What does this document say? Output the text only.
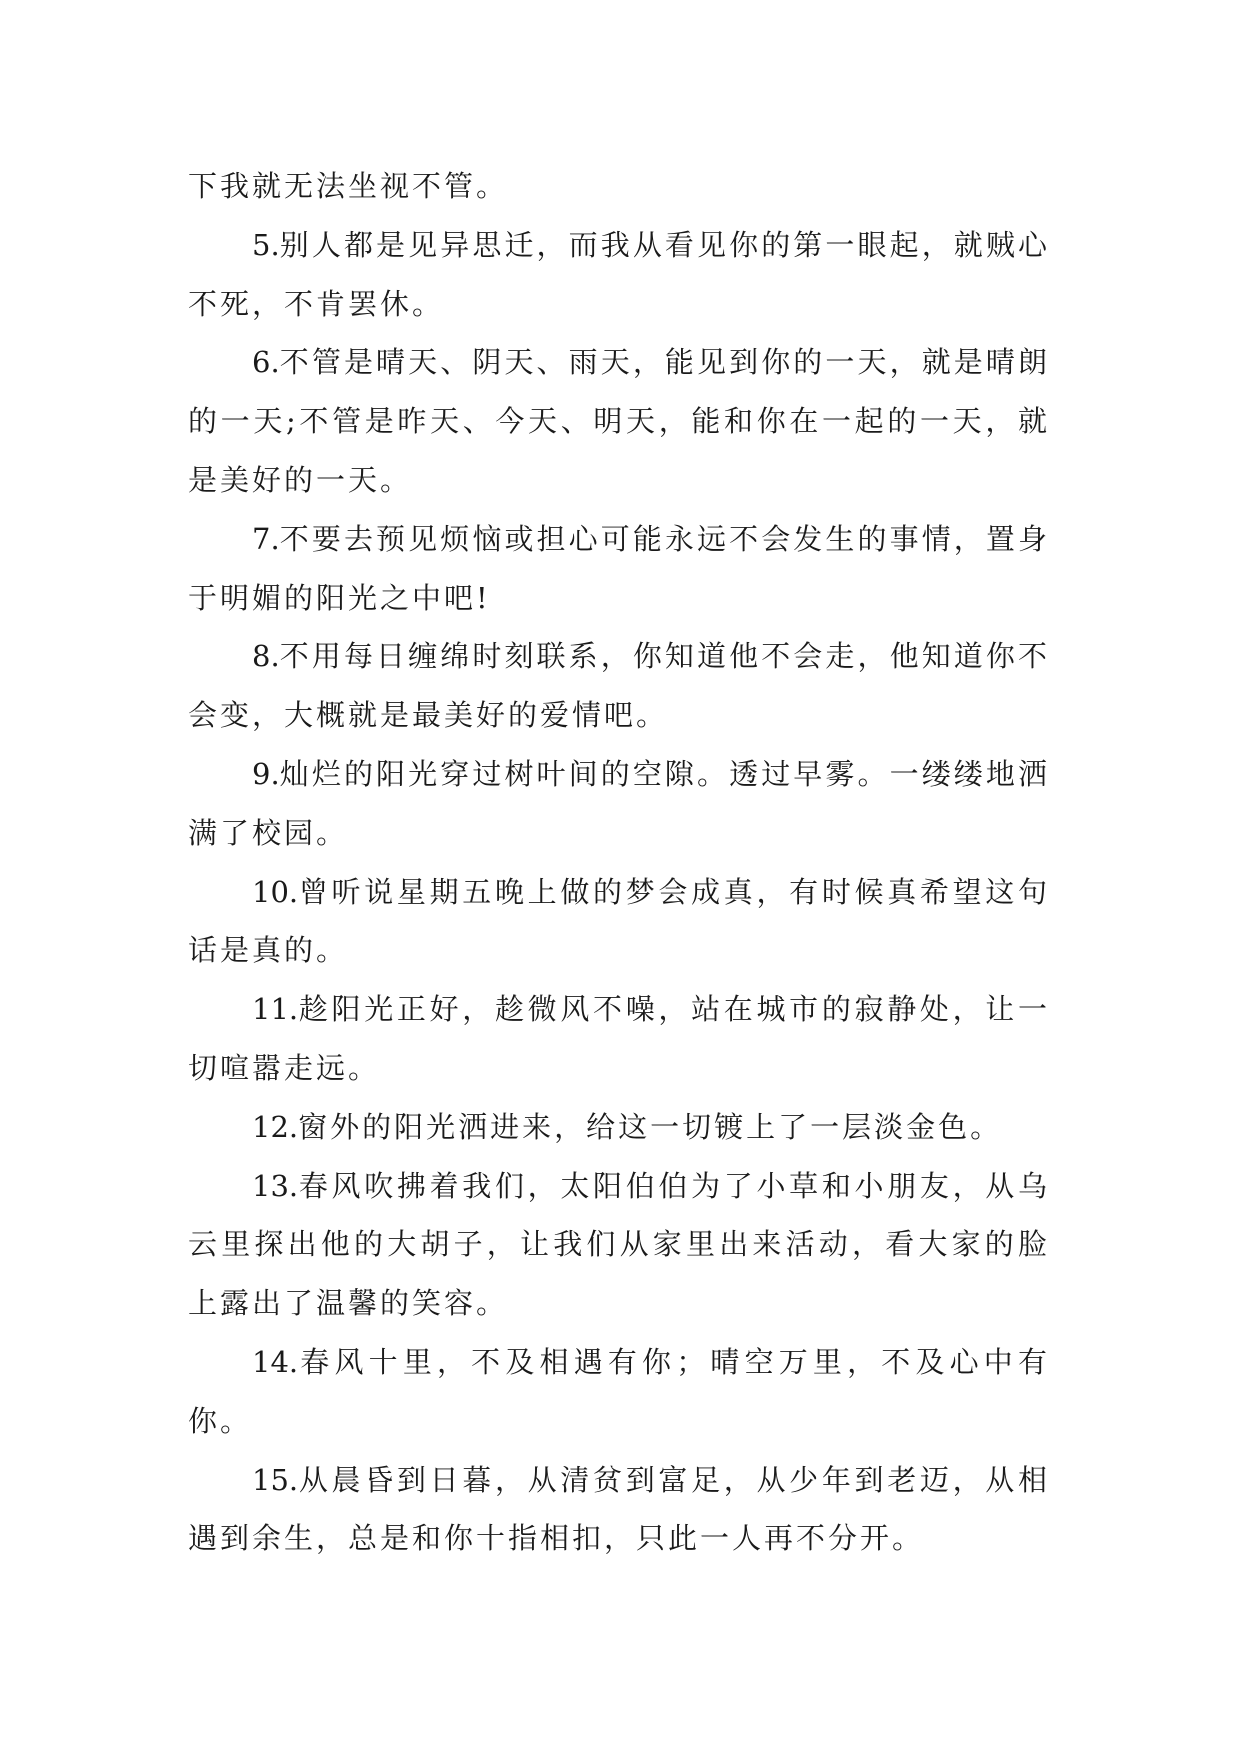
下我就无法坐视不管。

5.别人都是见异思迁，而我从看见你的第一眼起，就贼心不死，不肯罢休。

6.不管是晴天、阴天、雨天，能见到你的一天，就是晴朗的一天;不管是昨天、今天、明天，能和你在一起的一天，就是美好的一天。

7.不要去预见烦恼或担心可能永远不会发生的事情，置身于明媚的阳光之中吧!

8.不用每日缠绵时刻联系，你知道他不会走，他知道你不会变，大概就是最美好的爱情吧。

9.灿烂的阳光穿过树叶间的空隙。透过早雾。一缕缕地洒满了校园。

10.曾听说星期五晚上做的梦会成真，有时候真希望这句话是真的。

11.趁阳光正好，趁微风不噪，站在城市的寂静处，让一切喧嚣走远。

12.窗外的阳光洒进来，给这一切镀上了一层淡金色。

13.春风吹拂着我们，太阳伯伯为了小草和小朋友，从乌云里探出他的大胡子，让我们从家里出来活动，看大家的脸上露出了温馨的笑容。

14.春风十里，不及相遇有你；晴空万里，不及心中有你。

15.从晨昏到日暮，从清贫到富足，从少年到老迈，从相遇到余生，总是和你十指相扣，只此一人再不分开。
